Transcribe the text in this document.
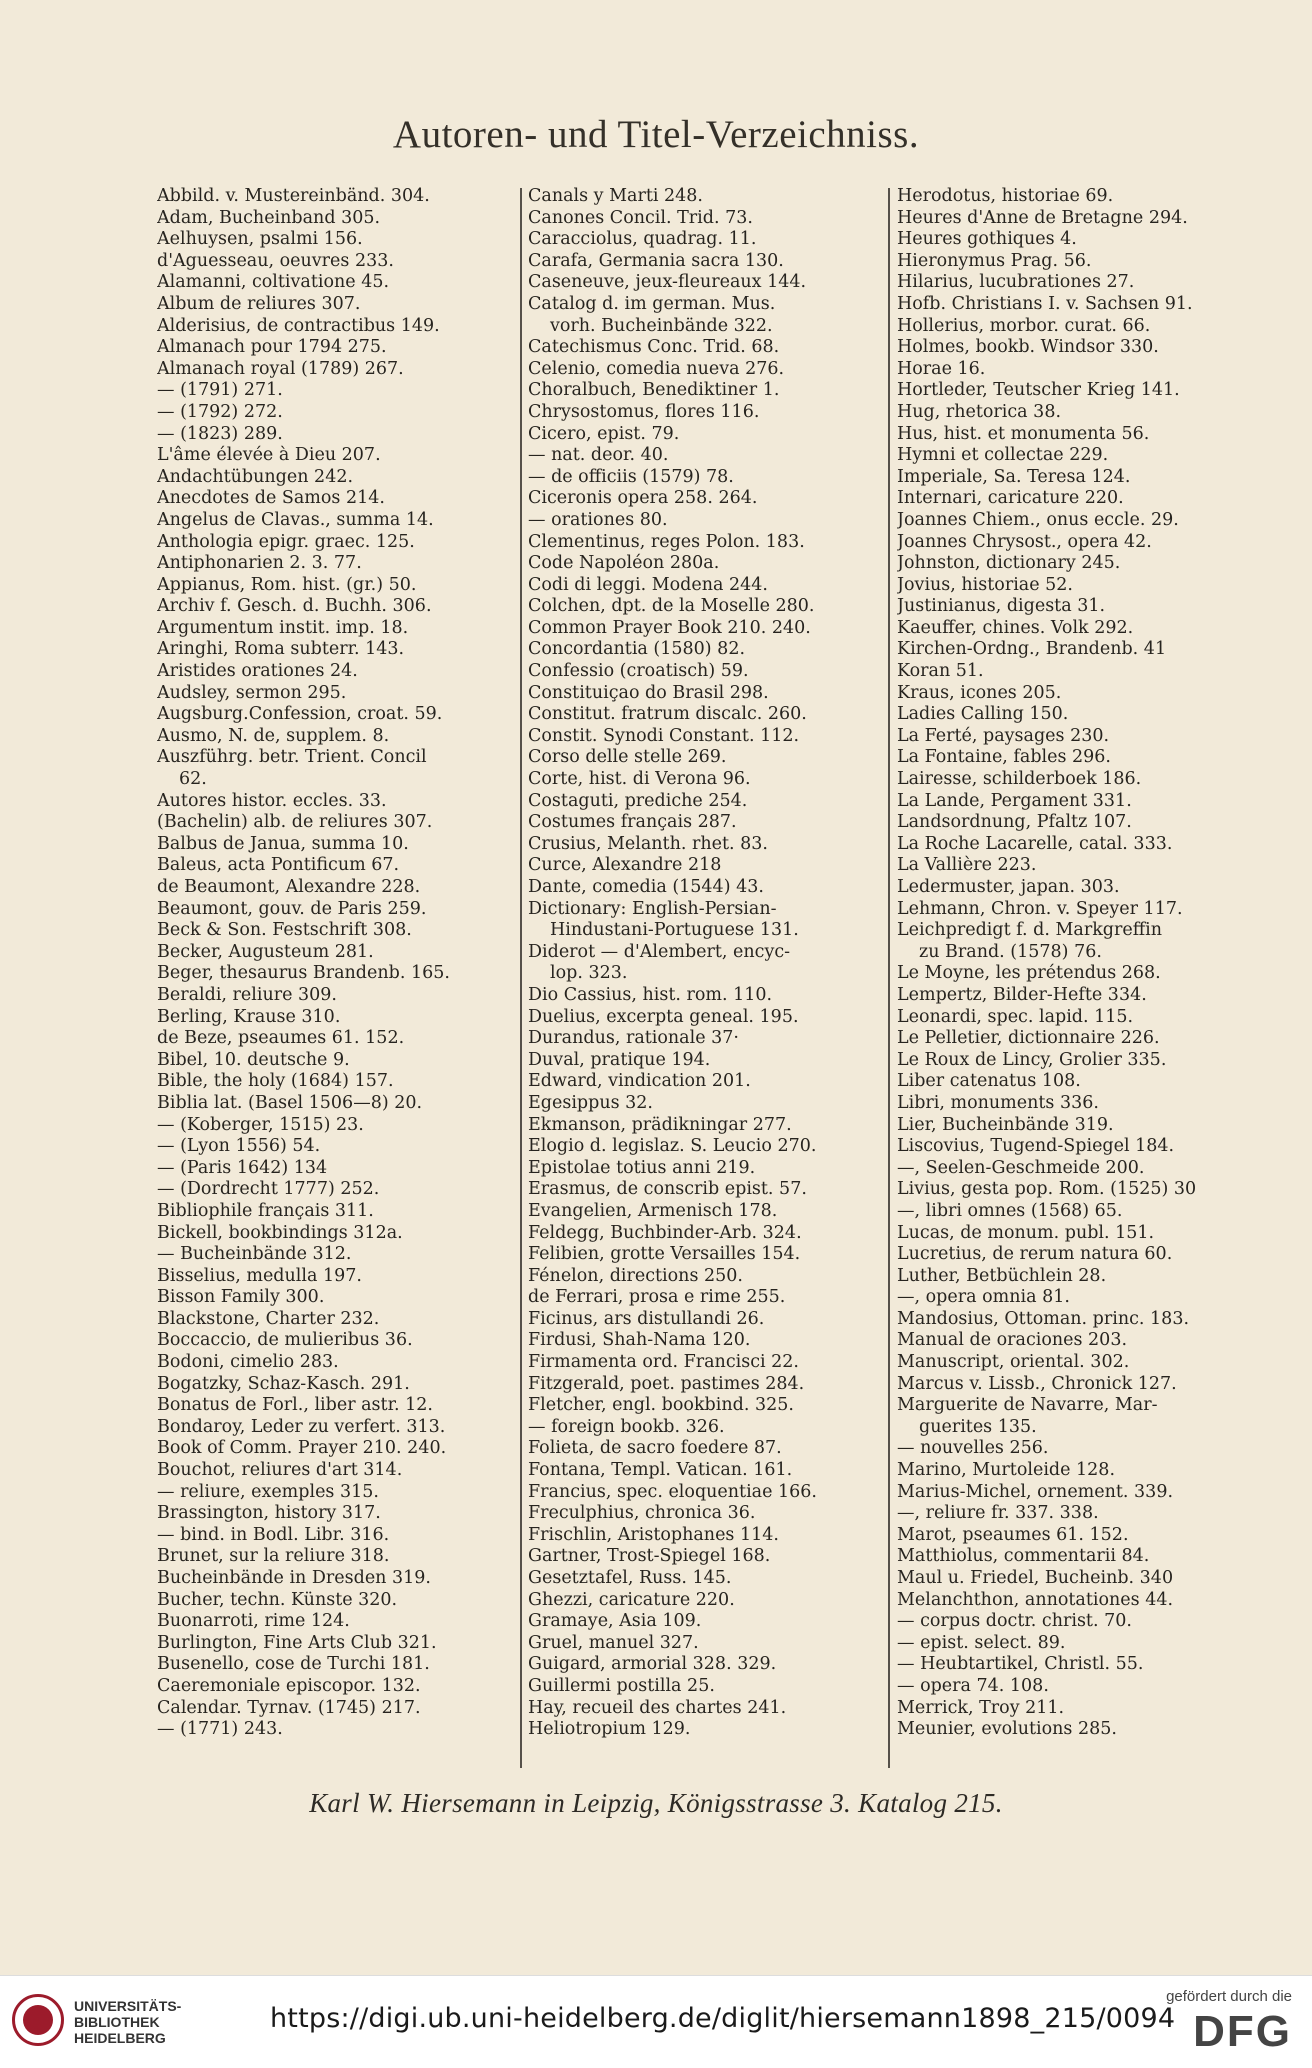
Autoren- und Titel-Verzeichniss.
Abbild. v. Mustereinbänd. 304.
Adam, Bucheinband 305.
Aelhuysen, psalmi 156.
d'Aguesseau, oeuvres 233.
Alamanni, coltivatione 45.
Album de reliures 307.
Alderisius, de contractibus 149.
Almanach pour 1794 275.
Almanach royal (1789) 267.
— (1791) 271.
— (1792) 272.
— (1823) 289.
L'âme élevée à Dieu 207.
Andachtübungen 242.
Anecdotes de Samos 214.
Angelus de Clavas., summa 14.
Anthologia epigr. graec. 125.
Antiphonarien 2. 3. 77.
Appianus, Rom. hist. (gr.) 50.
Archiv f. Gesch. d. Buchh. 306.
Argumentum instit. imp. 18.
Aringhi, Roma subterr. 143.
Aristides orationes 24.
Audsley, sermon 295.
Augsburg.Confession, croat. 59.
Ausmo, N. de, supplem. 8.
Auszführg. betr. Trient. Concil
62.
Autores histor. eccles. 33.
(Bachelin) alb. de reliures 307.
Balbus de Janua, summa 10.
Baleus, acta Pontificum 67.
de Beaumont, Alexandre 228.
Beaumont, gouv. de Paris 259.
Beck & Son. Festschrift 308.
Becker, Augusteum 281.
Beger, thesaurus Brandenb. 165.
Beraldi, reliure 309.
Berling, Krause 310.
de Beze, pseaumes 61. 152.
Bibel, 10. deutsche 9.
Bible, the holy (1684) 157.
Biblia lat. (Basel 1506—8) 20.
— (Koberger, 1515) 23.
— (Lyon 1556) 54.
— (Paris 1642) 134
— (Dordrecht 1777) 252.
Bibliophile français 311.
Bickell, bookbindings 312a.
— Bucheinbände 312.
Bisselius, medulla 197.
Bisson Family 300.
Blackstone, Charter 232.
Boccaccio, de mulieribus 36.
Bodoni, cimelio 283.
Bogatzky, Schaz-Kasch. 291.
Bonatus de Forl., liber astr. 12.
Bondaroy, Leder zu verfert. 313.
Book of Comm. Prayer 210. 240.
Bouchot, reliures d'art 314.
— reliure, exemples 315.
Brassington, history 317.
— bind. in Bodl. Libr. 316.
Brunet, sur la reliure 318.
Bucheinbände in Dresden 319.
Bucher, techn. Künste 320.
Buonarroti, rime 124.
Burlington, Fine Arts Club 321.
Busenello, cose de Turchi 181.
Caeremoniale episcopor. 132.
Calendar. Tyrnav. (1745) 217.
— (1771) 243.
Canals y Marti 248.
Canones Concil. Trid. 73.
Caracciolus, quadrag. 11.
Carafa, Germania sacra 130.
Caseneuve, jeux-fleureaux 144.
Catalog d. im german. Mus.
vorh. Bucheinbände 322.
Catechismus Conc. Trid. 68.
Celenio, comedia nueva 276.
Choralbuch, Benediktiner 1.
Chrysostomus, flores 116.
Cicero, epist. 79.
— nat. deor. 40.
— de officiis (1579) 78.
Ciceronis opera 258. 264.
— orationes 80.
Clementinus, reges Polon. 183.
Code Napoléon 280a.
Codi di leggi. Modena 244.
Colchen, dpt. de la Moselle 280.
Common Prayer Book 210. 240.
Concordantia (1580) 82.
Confessio (croatisch) 59.
Constituiçao do Brasil 298.
Constitut. fratrum discalc. 260.
Constit. Synodi Constant. 112.
Corso delle stelle 269.
Corte, hist. di Verona 96.
Costaguti, prediche 254.
Costumes français 287.
Crusius, Melanth. rhet. 83.
Curce, Alexandre 218
Dante, comedia (1544) 43.
Dictionary: English-Persian-
Hindustani-Portuguese 131.
Diderot — d'Alembert, encyc-
lop. 323.
Dio Cassius, hist. rom. 110.
Duelius, excerpta geneal. 195.
Durandus, rationale 37·
Duval, pratique 194.
Edward, vindication 201.
Egesippus 32.
Ekmanson, prädikningar 277.
Elogio d. legislaz. S. Leucio 270.
Epistolae totius anni 219.
Erasmus, de conscrib epist. 57.
Evangelien, Armenisch 178.
Feldegg, Buchbinder-Arb. 324.
Felibien, grotte Versailles 154.
Fénelon, directions 250.
de Ferrari, prosa e rime 255.
Ficinus, ars distullandi 26.
Firdusi, Shah-Nama 120.
Firmamenta ord. Francisci 22.
Fitzgerald, poet. pastimes 284.
Fletcher, engl. bookbind. 325.
— foreign bookb. 326.
Folieta, de sacro foedere 87.
Fontana, Templ. Vatican. 161.
Francius, spec. eloquentiae 166.
Freculphius, chronica 36.
Frischlin, Aristophanes 114.
Gartner, Trost-Spiegel 168.
Gesetztafel, Russ. 145.
Ghezzi, caricature 220.
Gramaye, Asia 109.
Gruel, manuel 327.
Guigard, armorial 328. 329.
Guillermi postilla 25.
Hay, recueil des chartes 241.
Heliotropium 129.
Herodotus, historiae 69.
Heures d'Anne de Bretagne 294.
Heures gothiques 4.
Hieronymus Prag. 56.
Hilarius, lucubrationes 27.
Hofb. Christians I. v. Sachsen 91.
Hollerius, morbor. curat. 66.
Holmes, bookb. Windsor 330.
Horae 16.
Hortleder, Teutscher Krieg 141.
Hug, rhetorica 38.
Hus, hist. et monumenta 56.
Hymni et collectae 229.
Imperiale, Sa. Teresa 124.
Internari, caricature 220.
Joannes Chiem., onus eccle. 29.
Joannes Chrysost., opera 42.
Johnston, dictionary 245.
Jovius, historiae 52.
Justinianus, digesta 31.
Kaeuffer, chines. Volk 292.
Kirchen-Ordng., Brandenb. 41
Koran 51.
Kraus, icones 205.
Ladies Calling 150.
La Ferté, paysages 230.
La Fontaine, fables 296.
Lairesse, schilderboek 186.
La Lande, Pergament 331.
Landsordnung, Pfaltz 107.
La Roche Lacarelle, catal. 333.
La Vallière 223.
Ledermuster, japan. 303.
Lehmann, Chron. v. Speyer 117.
Leichpredigt f. d. Markgreffin
zu Brand. (1578) 76.
Le Moyne, les prétendus 268.
Lempertz, Bilder-Hefte 334.
Leonardi, spec. lapid. 115.
Le Pelletier, dictionnaire 226.
Le Roux de Lincy, Grolier 335.
Liber catenatus 108.
Libri, monuments 336.
Lier, Bucheinbände 319.
Liscovius, Tugend-Spiegel 184.
—, Seelen-Geschmeide 200.
Livius, gesta pop. Rom. (1525) 30
—, libri omnes (1568) 65.
Lucas, de monum. publ. 151.
Lucretius, de rerum natura 60.
Luther, Betbüchlein 28.
—, opera omnia 81.
Mandosius, Ottoman. princ. 183.
Manual de oraciones 203.
Manuscript, oriental. 302.
Marcus v. Lissb., Chronick 127.
Marguerite de Navarre, Mar-
guerites 135.
— nouvelles 256.
Marino, Murtoleide 128.
Marius-Michel, ornement. 339.
—, reliure fr. 337. 338.
Marot, pseaumes 61. 152.
Matthiolus, commentarii 84.
Maul u. Friedel, Bucheinb. 340
Melanchthon, annotationes 44.
— corpus doctr. christ. 70.
— epist. select. 89.
— Heubtartikel, Christl. 55.
— opera 74. 108.
Merrick, Troy 211.
Meunier, evolutions 285.
Karl W. Hiersemann in Leipzig, Königsstrasse 3. Katalog 215.
UNIVERSITÄTS-
BIBLIOTHEK
HEIDELBERG
https://digi.ub.uni-heidelberg.de/diglit/hiersemann1898_215/0094
gefördert durch die
DFG
